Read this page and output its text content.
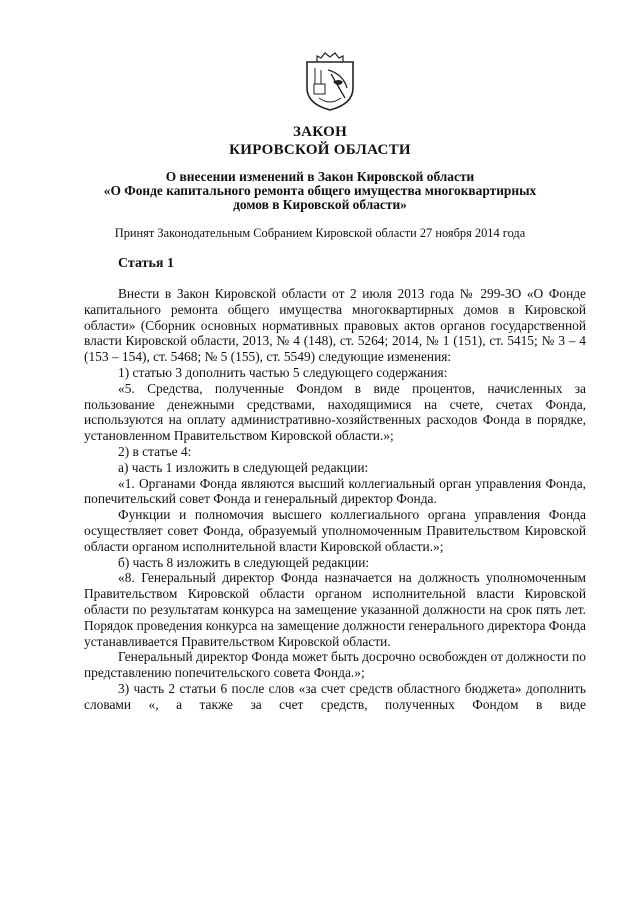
ЗАКОН
КИРОВСКОЙ ОБЛАСТИ
О внесении изменений в Закон Кировской области
«О Фонде капитального ремонта общего имущества многоквартирных
домов в Кировской области»
Принят Законодательным Собранием Кировской области 27 ноября 2014 года
Статья 1

Внести в Закон Кировской области от 2 июля 2013 года № 299-ЗО «О Фонде капитального ремонта общего имущества многоквартирных домов в Кировской области» (Сборник основных нормативных правовых актов органов государственной власти Кировской области, 2013, № 4 (148), ст. 5264; 2014, № 1 (151), ст. 5415; № 3 – 4 (153 – 154), ст. 5468; № 5 (155), ст. 5549) следующие изменения:

1) статью 3 дополнить частью 5 следующего содержания:

«5. Средства, полученные Фондом в виде процентов, начисленных за пользование денежными средствами, находящимися на счете, счетах Фонда, используются на оплату административно-хозяйственных расходов Фонда в порядке, установленном Правительством Кировской области.»;

2) в статье 4:

а) часть 1 изложить в следующей редакции:

«1. Органами Фонда являются высший коллегиальный орган управления Фонда, попечительский совет Фонда и генеральный директор Фонда.

Функции и полномочия высшего коллегиального органа управления Фонда осуществляет совет Фонда, образуемый уполномоченным Правительством Кировской области органом исполнительной власти Кировской области.»;

б) часть 8 изложить в следующей редакции:

«8. Генеральный директор Фонда назначается на должность уполномоченным Правительством Кировской области органом исполнительной власти Кировской области по результатам конкурса на замещение указанной должности на срок пять лет. Порядок проведения конкурса на замещение должности генерального директора Фонда устанавливается Правительством Кировской области.

Генеральный директор Фонда может быть досрочно освобожден от должности по представлению попечительского совета Фонда.»;

3) часть 2 статьи 6 после слов «за счет средств областного бюджета» дополнить словами «, а также за счет средств, полученных Фондом в виде
